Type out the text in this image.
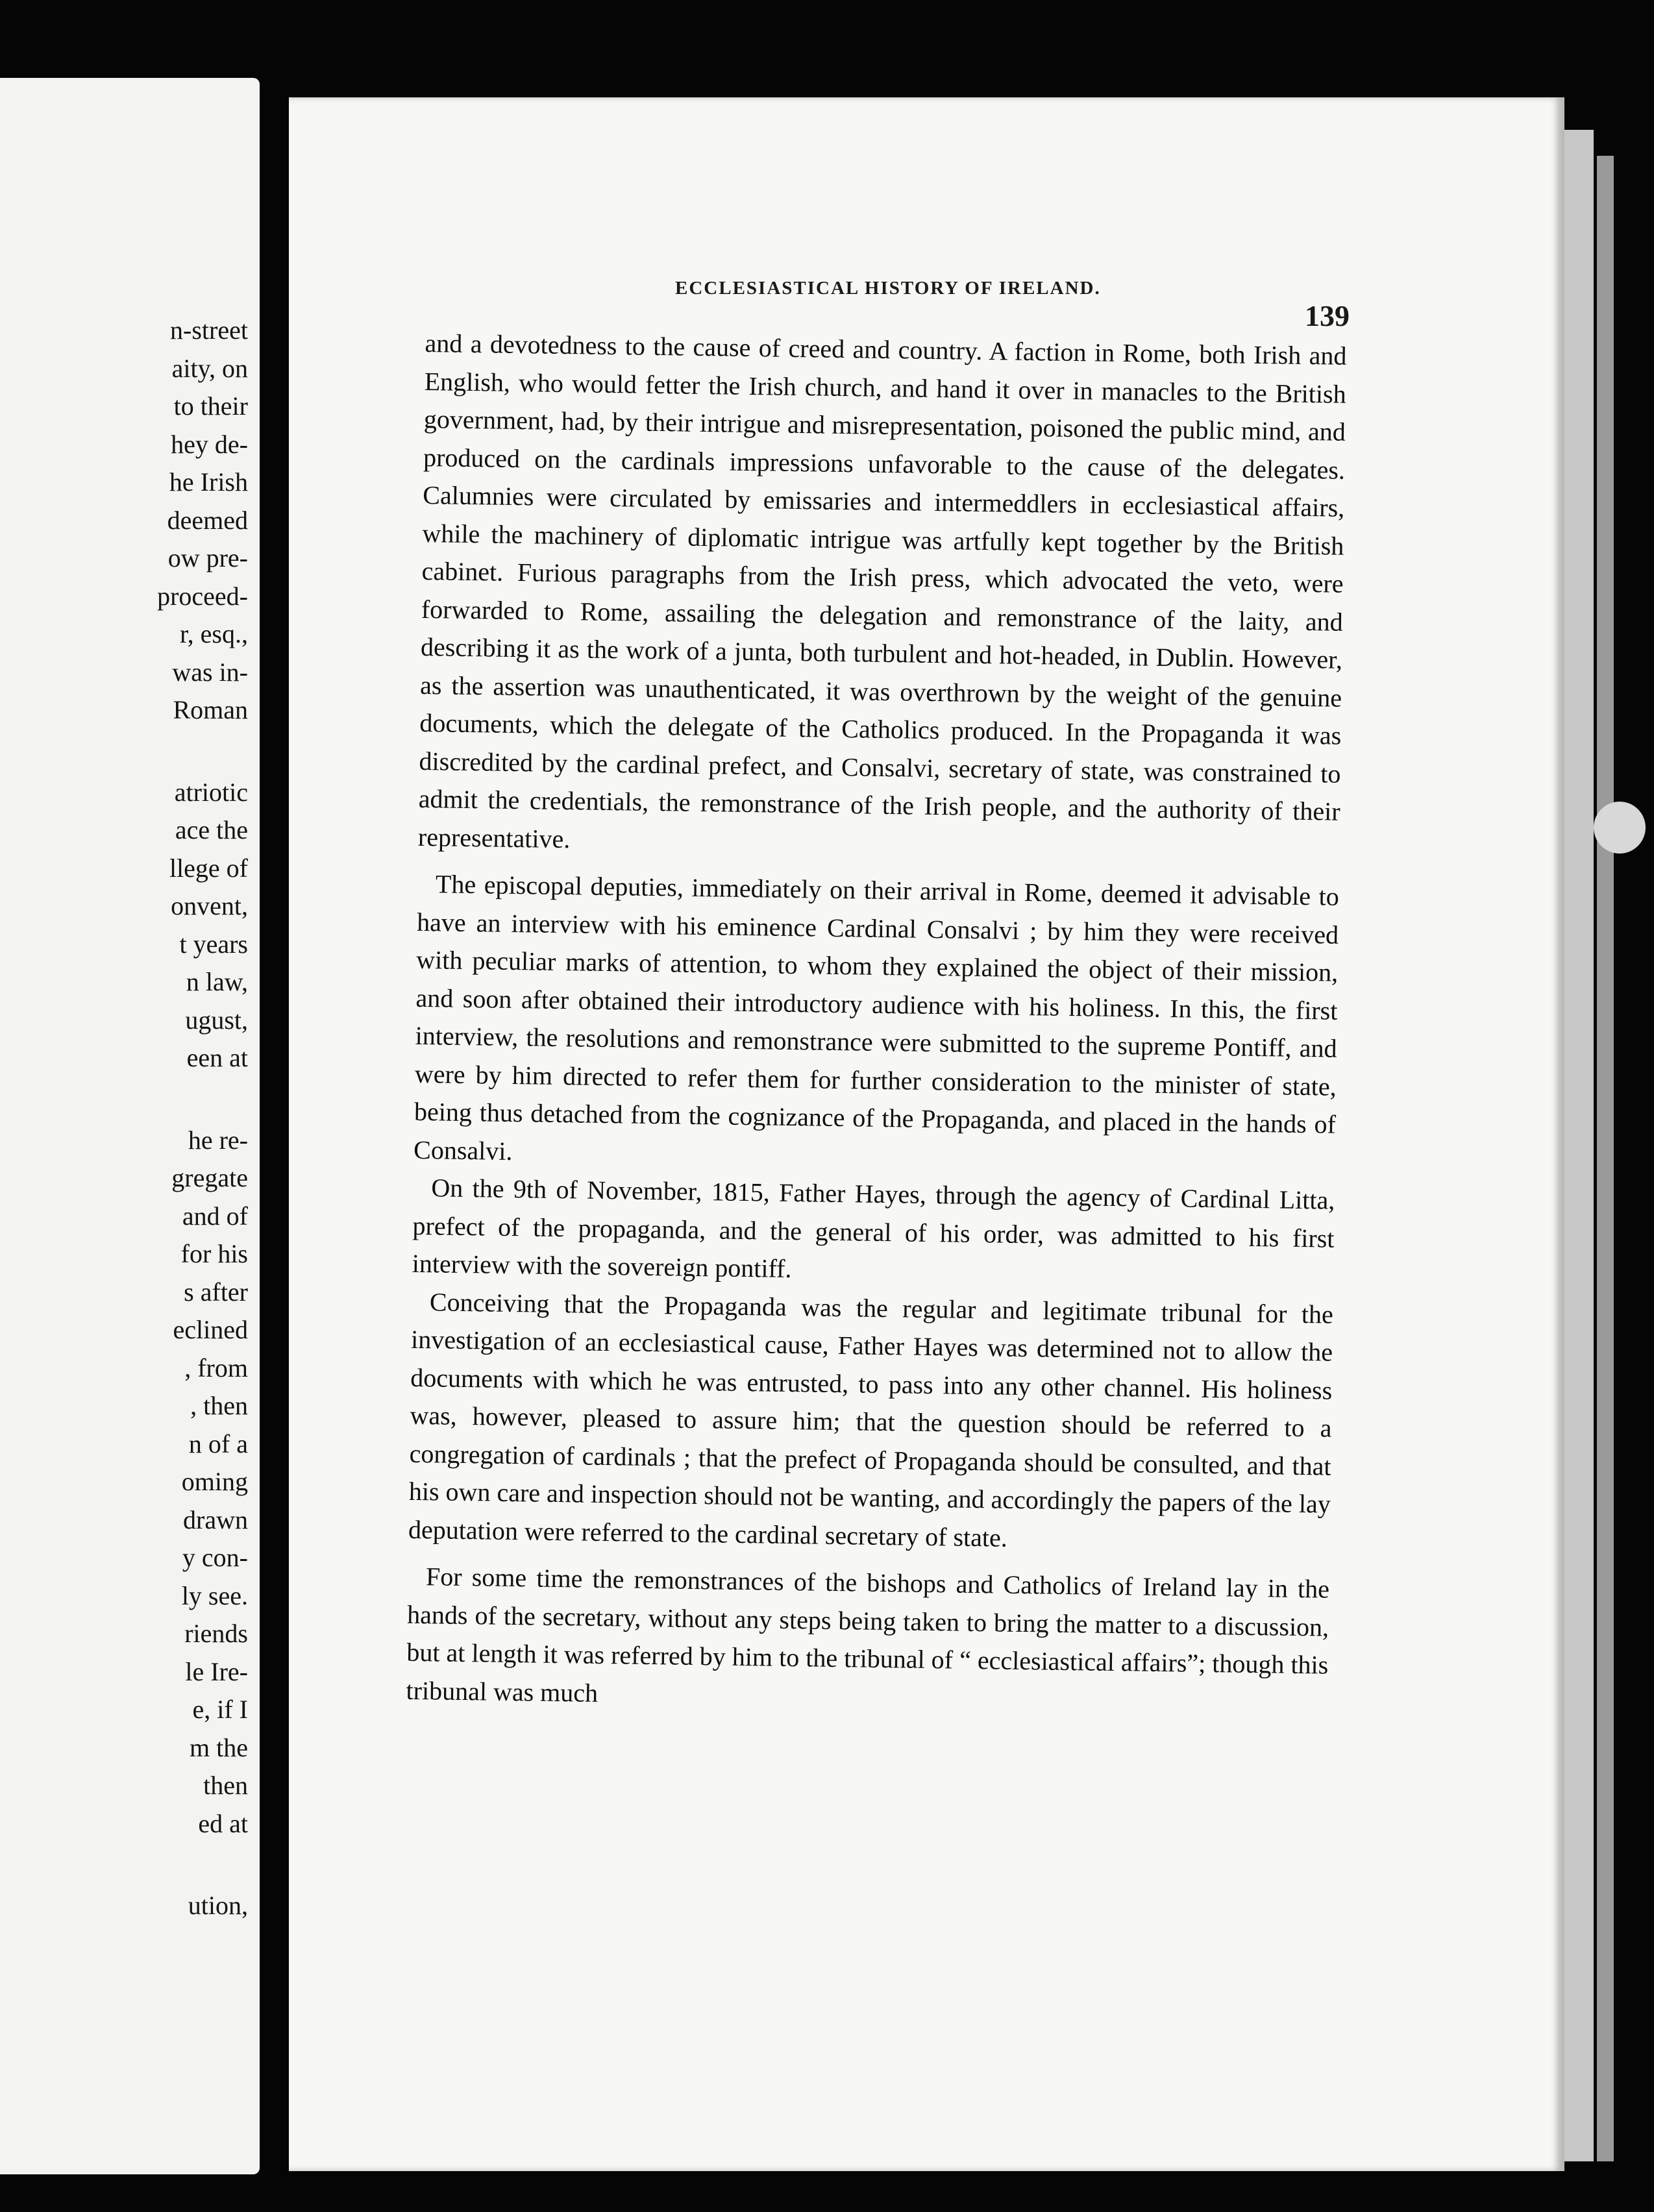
n-street
aity, on
to their
hey de-
he Irish
deemed
ow pre-
proceed-
r, esq.,
was in-
Roman
atriotic
ace the
llege of
onvent,
t years
n law,
ugust,
een at
he re-
gregate
and of
for his
s after
eclined
, from
, then
n of a
oming
drawn
y con-
ly see.
riends
le Ire-
e, if I
m the
then
ed at
ution,
ECCLESIASTICAL HISTORY OF IRELAND.
139

and a devotedness to the cause of creed and country. A faction in Rome, both Irish and English, who would fetter the Irish church, and hand it over in manacles to the British government, had, by their intrigue and misrepresentation, poisoned the public mind, and produced on the cardinals impressions unfavorable to the cause of the delegates. Calumnies were circulated by emissaries and intermeddlers in ecclesiastical affairs, while the machinery of diplomatic intrigue was artfully kept together by the British cabinet. Furious paragraphs from the Irish press, which advocated the veto, were forwarded to Rome, assailing the delegation and remonstrance of the laity, and describing it as the work of a junta, both turbulent and hot-headed, in Dublin. However, as the assertion was unauthenticated, it was overthrown by the weight of the genuine documents, which the delegate of the Catholics produced. In the Propaganda it was discredited by the cardinal prefect, and Consalvi, secretary of state, was constrained to admit the credentials, the remonstrance of the Irish people, and the authority of their representative.

The episcopal deputies, immediately on their arrival in Rome, deemed it advisable to have an interview with his eminence Cardinal Consalvi ; by him they were received with peculiar marks of attention, to whom they explained the object of their mission, and soon after obtained their introductory audience with his holiness. In this, the first interview, the resolutions and remonstrance were submitted to the supreme Pontiff, and were by him directed to refer them for further consideration to the minister of state, being thus detached from the cognizance of the Propaganda, and placed in the hands of Consalvi.

On the 9th of November, 1815, Father Hayes, through the agency of Cardinal Litta, prefect of the propaganda, and the general of his order, was admitted to his first interview with the sovereign pontiff.

Conceiving that the Propaganda was the regular and legitimate tribunal for the investigation of an ecclesiastical cause, Father Hayes was determined not to allow the documents with which he was entrusted, to pass into any other channel. His holiness was, however, pleased to assure him; that the question should be referred to a congregation of cardinals ; that the prefect of Propaganda should be consulted, and that his own care and inspection should not be wanting, and accordingly the papers of the lay deputation were referred to the cardinal secretary of state.

For some time the remonstrances of the bishops and Catholics of Ireland lay in the hands of the secretary, without any steps being taken to bring the matter to a discussion, but at length it was referred by him to the tribunal of “ ecclesiastical affairs”; though this tribunal was much
